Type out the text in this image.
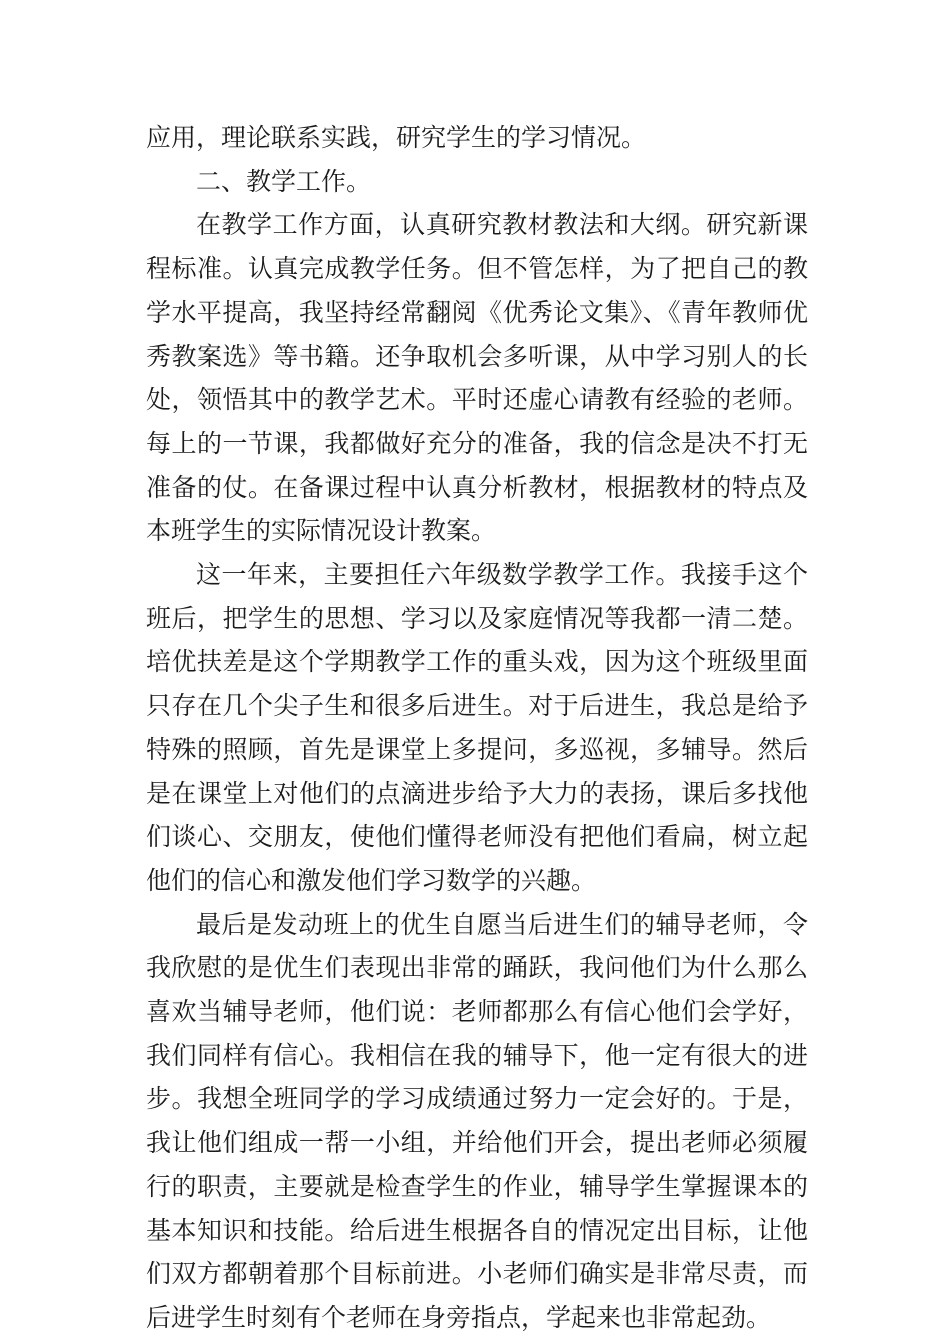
应用，理论联系实践，研究学生的学习情况。

二、教学工作。

在教学工作方面，认真研究教材教法和大纲。研究新课程标准。认真完成教学任务。但不管怎样，为了把自己的教学水平提高，我坚持经常翻阅《优秀论文集》、《青年教师优秀教案选》等书籍。还争取机会多听课，从中学习别人的长处，领悟其中的教学艺术。平时还虚心请教有经验的老师。每上的一节课，我都做好充分的准备，我的信念是决不打无准备的仗。在备课过程中认真分析教材，根据教材的特点及本班学生的实际情况设计教案。

这一年来，主要担任六年级数学教学工作。我接手这个班后，把学生的思想、学习以及家庭情况等我都一清二楚。培优扶差是这个学期教学工作的重头戏，因为这个班级里面只存在几个尖子生和很多后进生。对于后进生，我总是给予特殊的照顾，首先是课堂上多提问，多巡视，多辅导。然后是在课堂上对他们的点滴进步给予大力的表扬，课后多找他们谈心、交朋友，使他们懂得老师没有把他们看扁，树立起他们的信心和激发他们学习数学的兴趣。

最后是发动班上的优生自愿当后进生们的辅导老师，令我欣慰的是优生们表现出非常的踊跃，我问他们为什么那么喜欢当辅导老师，他们说：老师都那么有信心他们会学好，我们同样有信心。我相信在我的辅导下，他一定有很大的进步。我想全班同学的学习成绩通过努力一定会好的。于是，我让他们组成一帮一小组，并给他们开会，提出老师必须履行的职责，主要就是检查学生的作业，辅导学生掌握课本的基本知识和技能。给后进生根据各自的情况定出目标，让他们双方都朝着那个目标前进。小老师们确实是非常尽责，而后进学生时刻有个老师在身旁指点，学起来也非常起劲。
